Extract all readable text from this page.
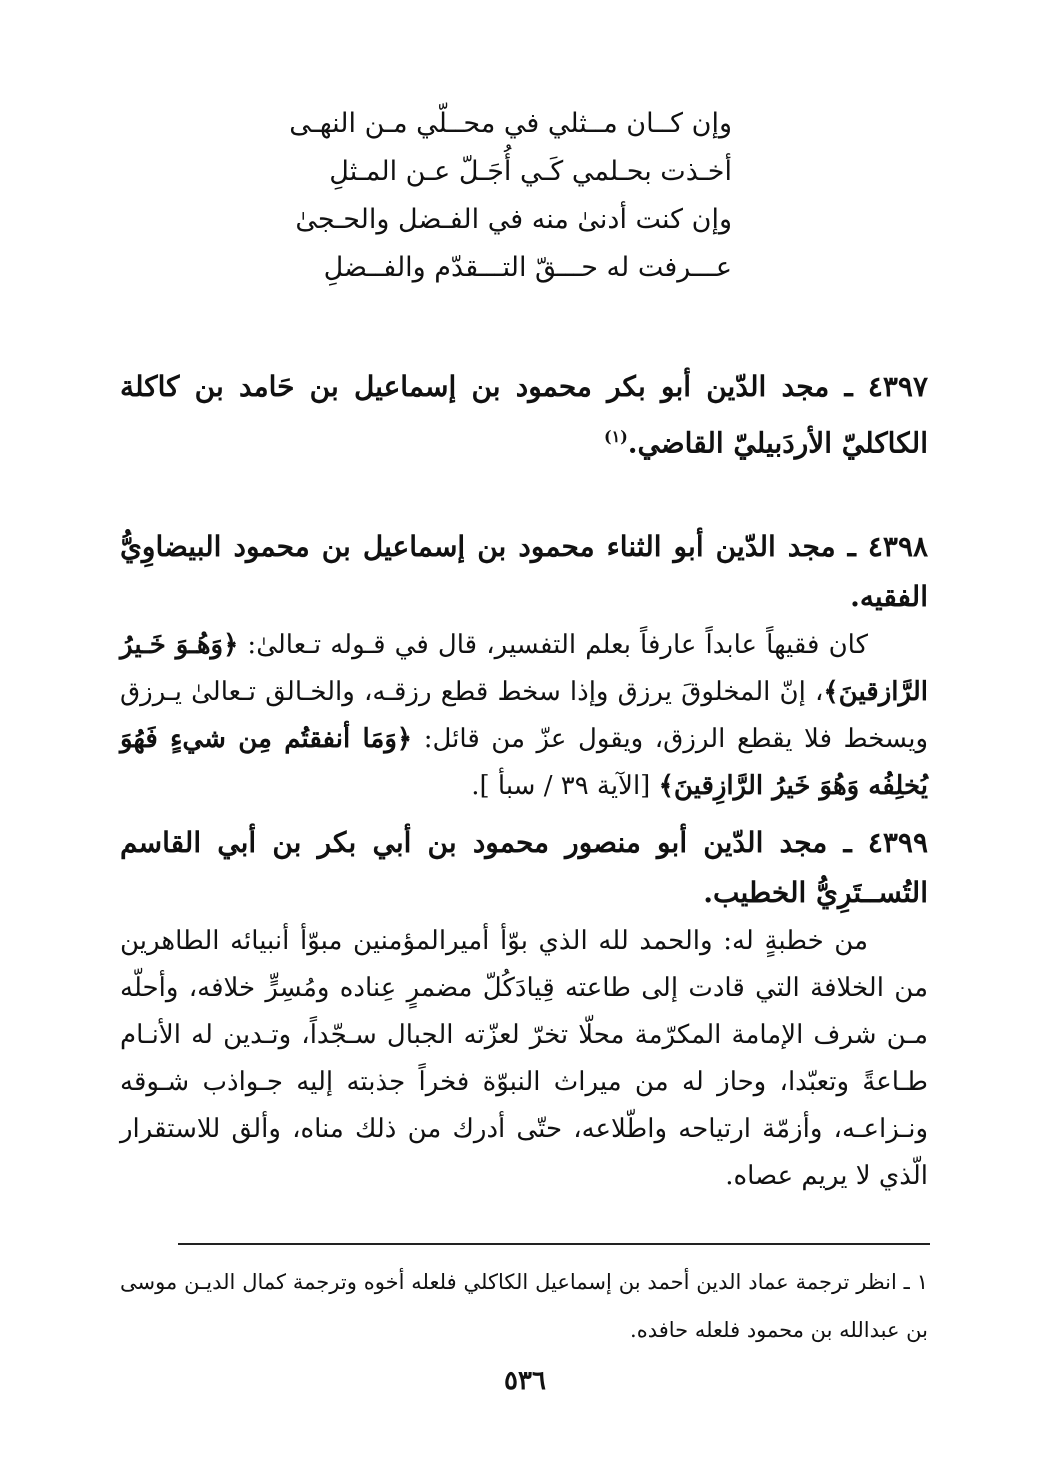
وإن كــان مــثلي في محــلّي مـن النهـى
أخـذت بحـلمي كَـي أُجَـلّ عـن المـثلِ
وإن كنت أدنىٰ منه في الفـضل والحـجىٰ
عـــرفت له حـــقّ التـــقدّم والفــضلِ
٤٣٩٧ ـ مجد الدّين أبو بكر محمود بن إسماعيل بن حَامد بن كاكلة الكاكليّ الأردَبيليّ القاضي.$^{(١)}$
٤٣٩٨ ـ مجد الدّين أبو الثناء محمود بن إسماعيل بن محمود البيضاوِيُّ الفقيه.
كان فقيهاً عابداً عارفاً بعلم التفسير، قال في قـوله تـعالىٰ: ﴿وَهُـوَ خَـيرُ الرَّازقينَ﴾، إنّ المخلوقَ يرزق وإذا سخط قطع رزقـه، والخـالق تـعالىٰ يـرزق ويسخط فلا يقطع الرزق، ويقول عزّ من قائل: ﴿وَمَا أنفقتُم مِن شيءٍ فَهُوَ يُخلِفُه وَهُوَ خَيرُ الرَّازِقينَ﴾ [الآية ٣٩ / سبأ ].
٤٣٩٩ ـ مجد الدّين أبو منصور محمود بن أبي بكر بن أبي القاسم التُســتَرِيُّ الخطيب.
من خطبةٍ له: والحمد لله الذي بوّأ أميرالمؤمنين مبوّأ أنبيائه الطاهرين من الخلافة التي قادت إلى طاعته قِيادَكُلّ مضمرٍ عِناده ومُسِرٍّ خلافه، وأحلّه مـن شرف الإمامة المكرّمة محلّا تخرّ لعزّته الجبال سـجّداً، وتـدين له الأنـام طـاعةً وتعبّدا، وحاز له من ميراث النبوّة فخراً جذبته إليه جـواذب شـوقه ونـزاعـه، وأزمّة ارتياحه واطّلاعه، حتّى أدرك من ذلك مناه، وألق للاستقرار الّذي لا يريم عصاه.
١ ـ انظر ترجمة عماد الدين أحمد بن إسماعيل الكاكلي فلعله أخوه وترجمة كمال الديـن موسى بن عبدالله بن محمود فلعله حافده.
٥٣٦
